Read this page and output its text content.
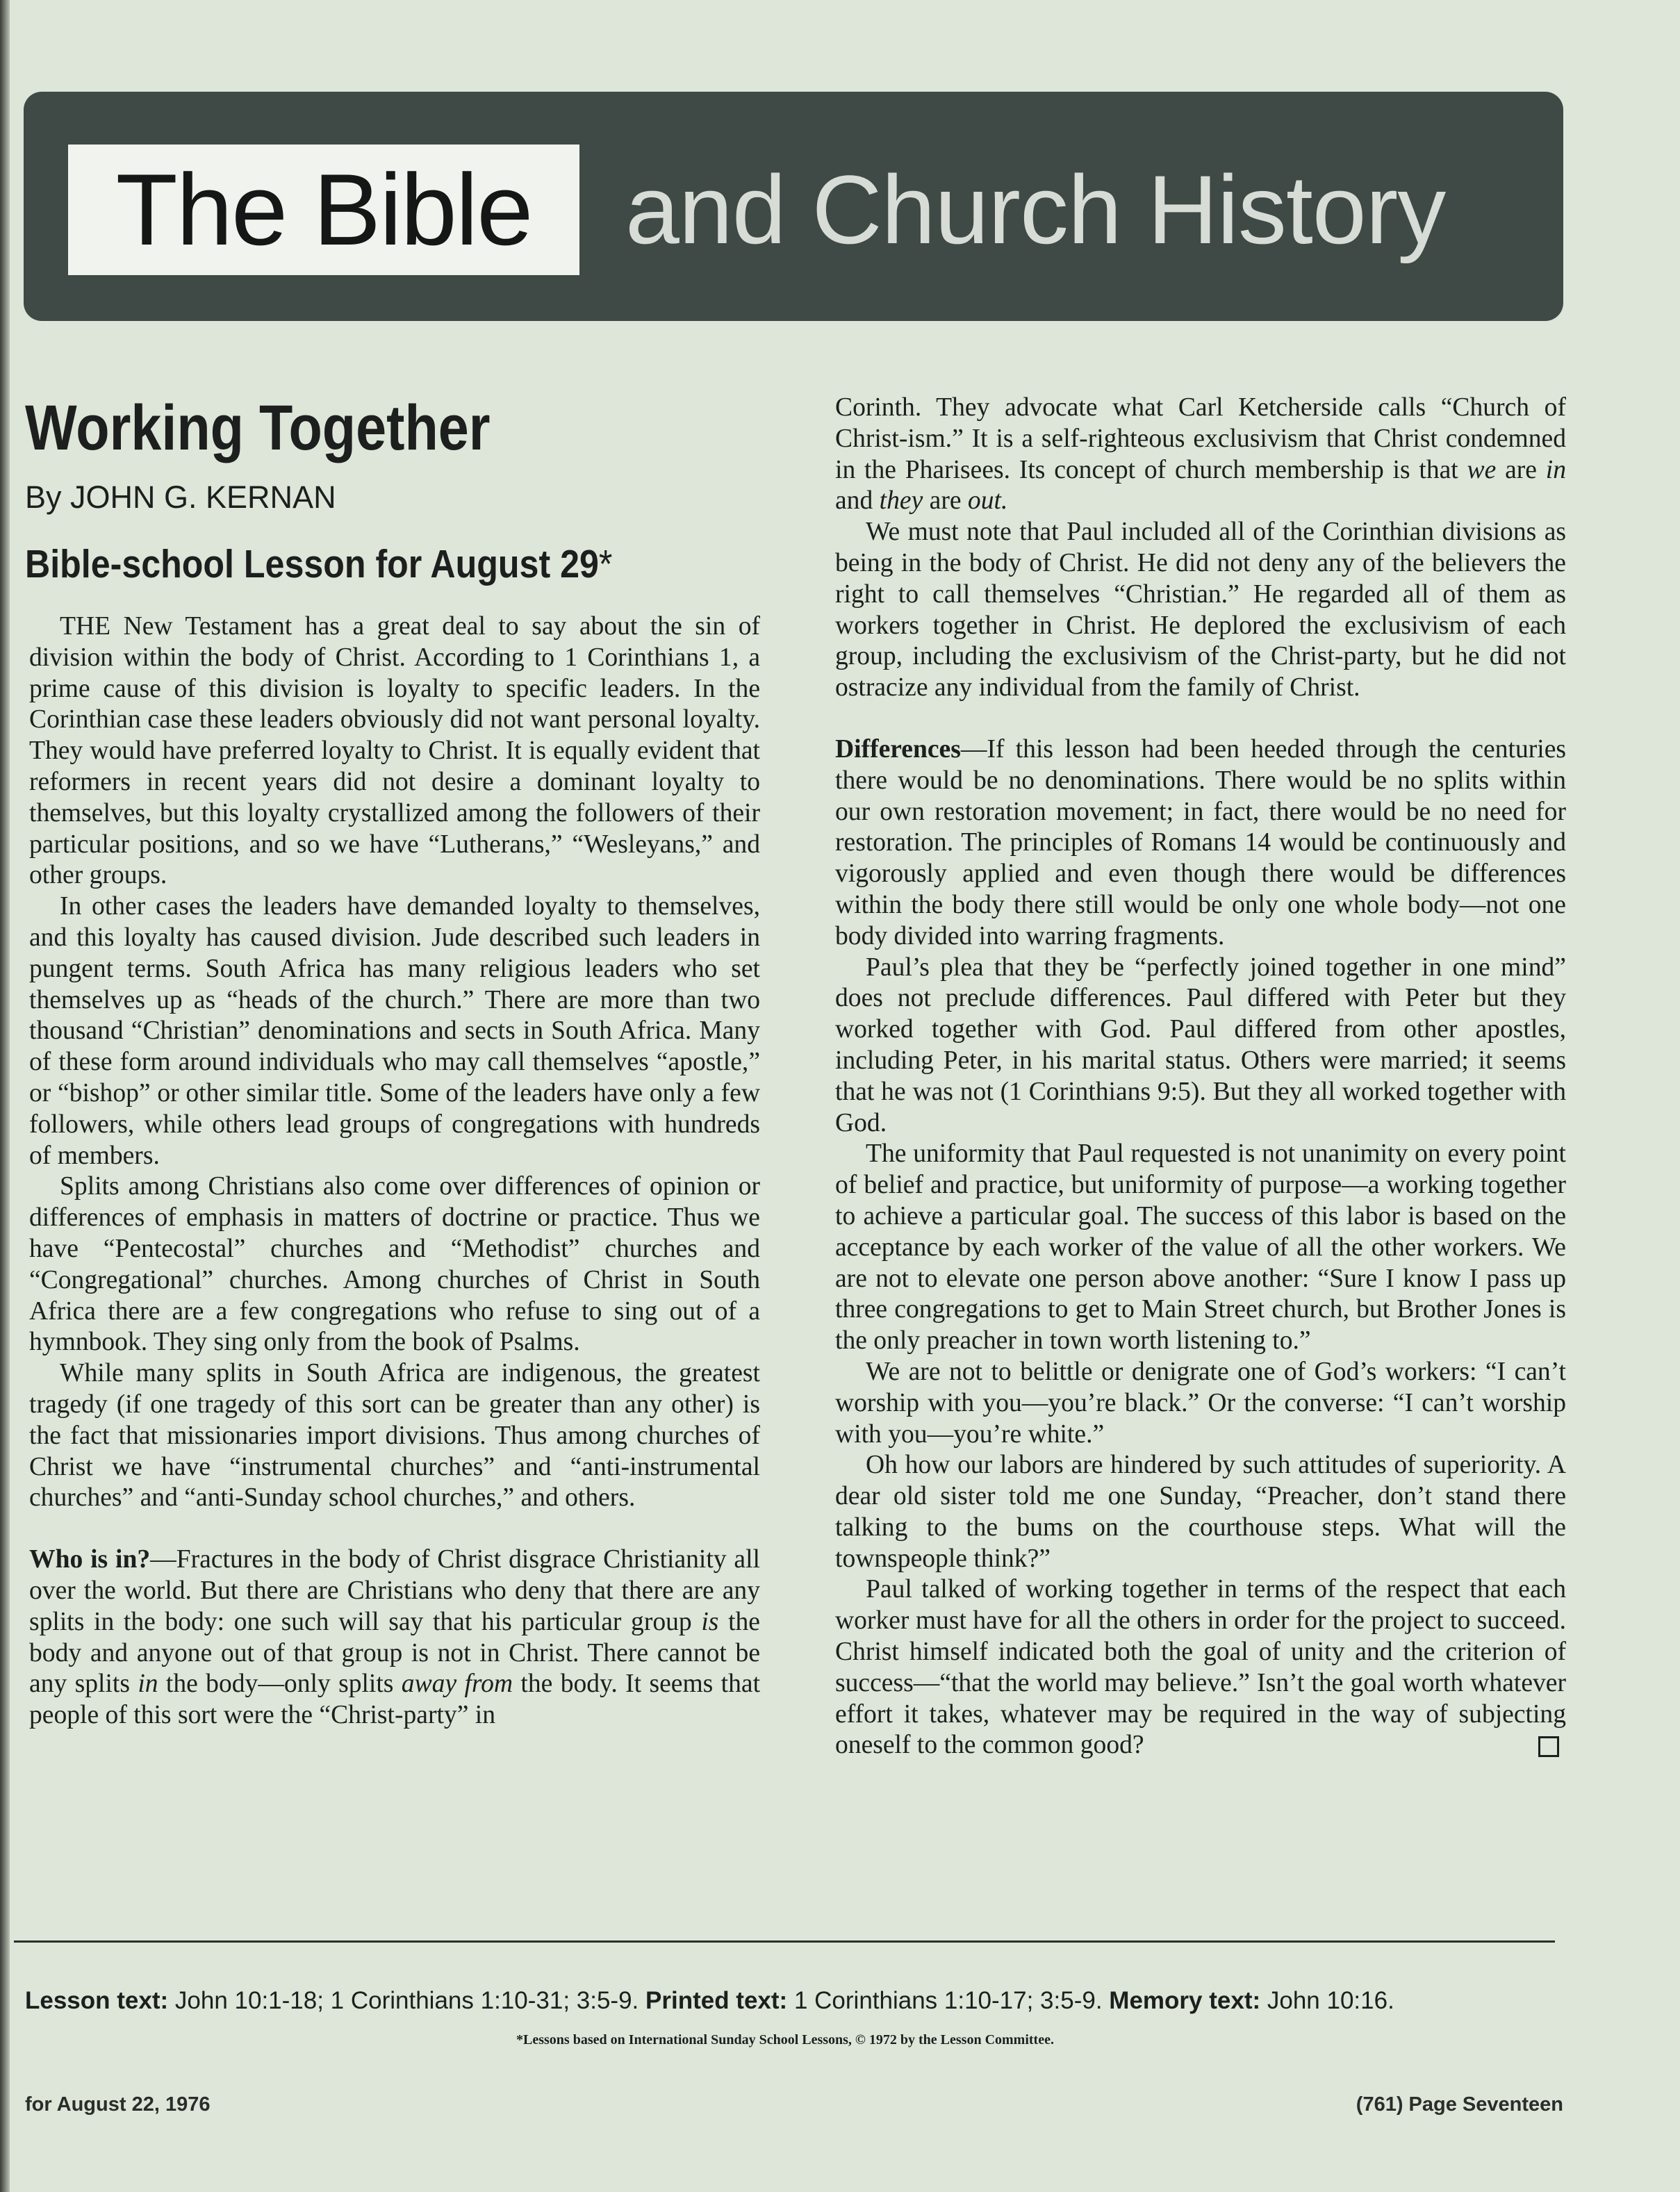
The Bible and Church History
Working Together
By JOHN G. KERNAN
Bible-school Lesson for August 29*

THE New Testament has a great deal to say about the sin of division within the body of Christ. According to 1 Corinthians 1, a prime cause of this division is loyalty to specific leaders. In the Corinthian case these leaders obviously did not want personal loyalty. They would have preferred loyalty to Christ. It is equally evident that reformers in recent years did not desire a dominant loyalty to themselves, but this loyalty crystallized among the followers of their particular positions, and so we have “Lutherans,” “Wesleyans,” and other groups.

In other cases the leaders have demanded loyalty to themselves, and this loyalty has caused division. Jude described such leaders in pungent terms. South Africa has many religious leaders who set themselves up as “heads of the church.” There are more than two thousand “Christian” denominations and sects in South Africa. Many of these form around individuals who may call themselves “apostle,” or “bishop” or other similar title. Some of the leaders have only a few followers, while others lead groups of congregations with hundreds of members.

Splits among Christians also come over differences of opinion or differences of emphasis in matters of doctrine or practice. Thus we have “Pentecostal” churches and “Methodist” churches and “Congregational” churches. Among churches of Christ in South Africa there are a few congregations who refuse to sing out of a hymnbook. They sing only from the book of Psalms.

While many splits in South Africa are indigenous, the greatest tragedy (if one tragedy of this sort can be greater than any other) is the fact that missionaries import divisions. Thus among churches of Christ we have “instrumental churches” and “anti-instrumental churches” and “anti-Sunday school churches,” and others.

Who is in?—Fractures in the body of Christ disgrace Christianity all over the world. But there are Christians who deny that there are any splits in the body: one such will say that his particular group is the body and anyone out of that group is not in Christ. There cannot be any splits in the body—only splits away from the body. It seems that people of this sort were the “Christ-party” in

Corinth. They advocate what Carl Ketcherside calls “Church of Christ-ism.” It is a self-righteous exclusivism that Christ condemned in the Pharisees. Its concept of church membership is that we are in and they are out.

We must note that Paul included all of the Corinthian divisions as being in the body of Christ. He did not deny any of the believers the right to call themselves “Christian.” He regarded all of them as workers together in Christ. He deplored the exclusivism of each group, including the exclusivism of the Christ-party, but he did not ostracize any individual from the family of Christ.

Differences—If this lesson had been heeded through the centuries there would be no denominations. There would be no splits within our own restoration movement; in fact, there would be no need for restoration. The principles of Romans 14 would be continuously and vigorously applied and even though there would be differences within the body there still would be only one whole body—not one body divided into warring fragments.

Paul’s plea that they be “perfectly joined together in one mind” does not preclude differences. Paul differed with Peter but they worked together with God. Paul differed from other apostles, including Peter, in his marital status. Others were married; it seems that he was not (1 Corinthians 9:5). But they all worked together with God.

The uniformity that Paul requested is not unanimity on every point of belief and practice, but uniformity of purpose—a working together to achieve a particular goal. The success of this labor is based on the acceptance by each worker of the value of all the other workers. We are not to elevate one person above another: “Sure I know I pass up three congregations to get to Main Street church, but Brother Jones is the only preacher in town worth listening to.”

We are not to belittle or denigrate one of God’s workers: “I can’t worship with you—you’re black.” Or the converse: “I can’t worship with you—you’re white.”

Oh how our labors are hindered by such attitudes of superiority. A dear old sister told me one Sunday, “Preacher, don’t stand there talking to the bums on the courthouse steps. What will the townspeople think?”

Paul talked of working together in terms of the respect that each worker must have for all the others in order for the project to succeed. Christ himself indicated both the goal of unity and the criterion of success—“that the world may believe.” Isn’t the goal worth whatever effort it takes, whatever may be required in the way of subjecting oneself to the common good?

Lesson text: John 10:1-18; 1 Corinthians 1:10-31; 3:5-9. Printed text: 1 Corinthians 1:10-17; 3:5-9. Memory text: John 10:16.
*Lessons based on International Sunday School Lessons, © 1972 by the Lesson Committee.
for August 22, 1976	(761) Page Seventeen
